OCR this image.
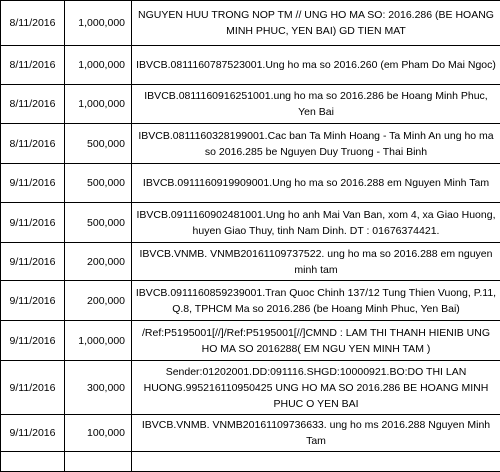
8/11/2016	1,000,000	NGUYEN HUU TRONG NOP TM // UNG HO MA SO: 2016.286 (BE HOANG MINH PHUC, YEN BAI) GD TIEN MAT
8/11/2016	1,000,000	IBVCB.0811160787523001.Ung ho ma so 2016.260 (em Pham Do Mai Ngoc)
8/11/2016	1,000,000	IBVCB.0811160916251001.ung ho ma so 2016.286 be Hoang Minh Phuc, Yen Bai
8/11/2016	500,000	IBVCB.0811160328199001.Cac ban Ta Minh Hoang - Ta Minh An ung ho ma so 2016.285 be Nguyen Duy Truong - Thai Binh
9/11/2016	500,000	IBVCB.0911160919909001.Ung ho ma so 2016.288 em Nguyen Minh Tam
9/11/2016	500,000	IBVCB.0911160902481001.Ung ho anh Mai Van Ban, xom 4, xa Giao Huong, huyen Giao Thuy, tinh Nam Dinh. DT : 01676374421.
9/11/2016	200,000	IBVCB.VNMB. VNMB20161109737522. ung ho ma so 2016.288 em nguyen minh tam
9/11/2016	200,000	IBVCB.0911160859239001.Tran Quoc Chinh 137/12 Tung Thien Vuong, P.11, Q.8, TPHCM Ma so 2016.286 (be Hoang Minh Phuc, Yen Bai)
9/11/2016	1,000,000	/Ref:P5195001[//]/Ref:P5195001[//]CMND : LAM THI THANH HIENIB UNG HO MA SO 2016288( EM NGU YEN MINH TAM )
9/11/2016	300,000	Sender:01202001.DD:091116.SHGD:10000921.BO:DO THI LAN HUONG.995216110950425 UNG HO MA SO 2016.286 BE HOANG MINH PHUC O YEN BAI
9/11/2016	100,000	IBVCB.VNMB. VNMB20161109736633. ung ho ms 2016.288 Nguyen Minh Tam
